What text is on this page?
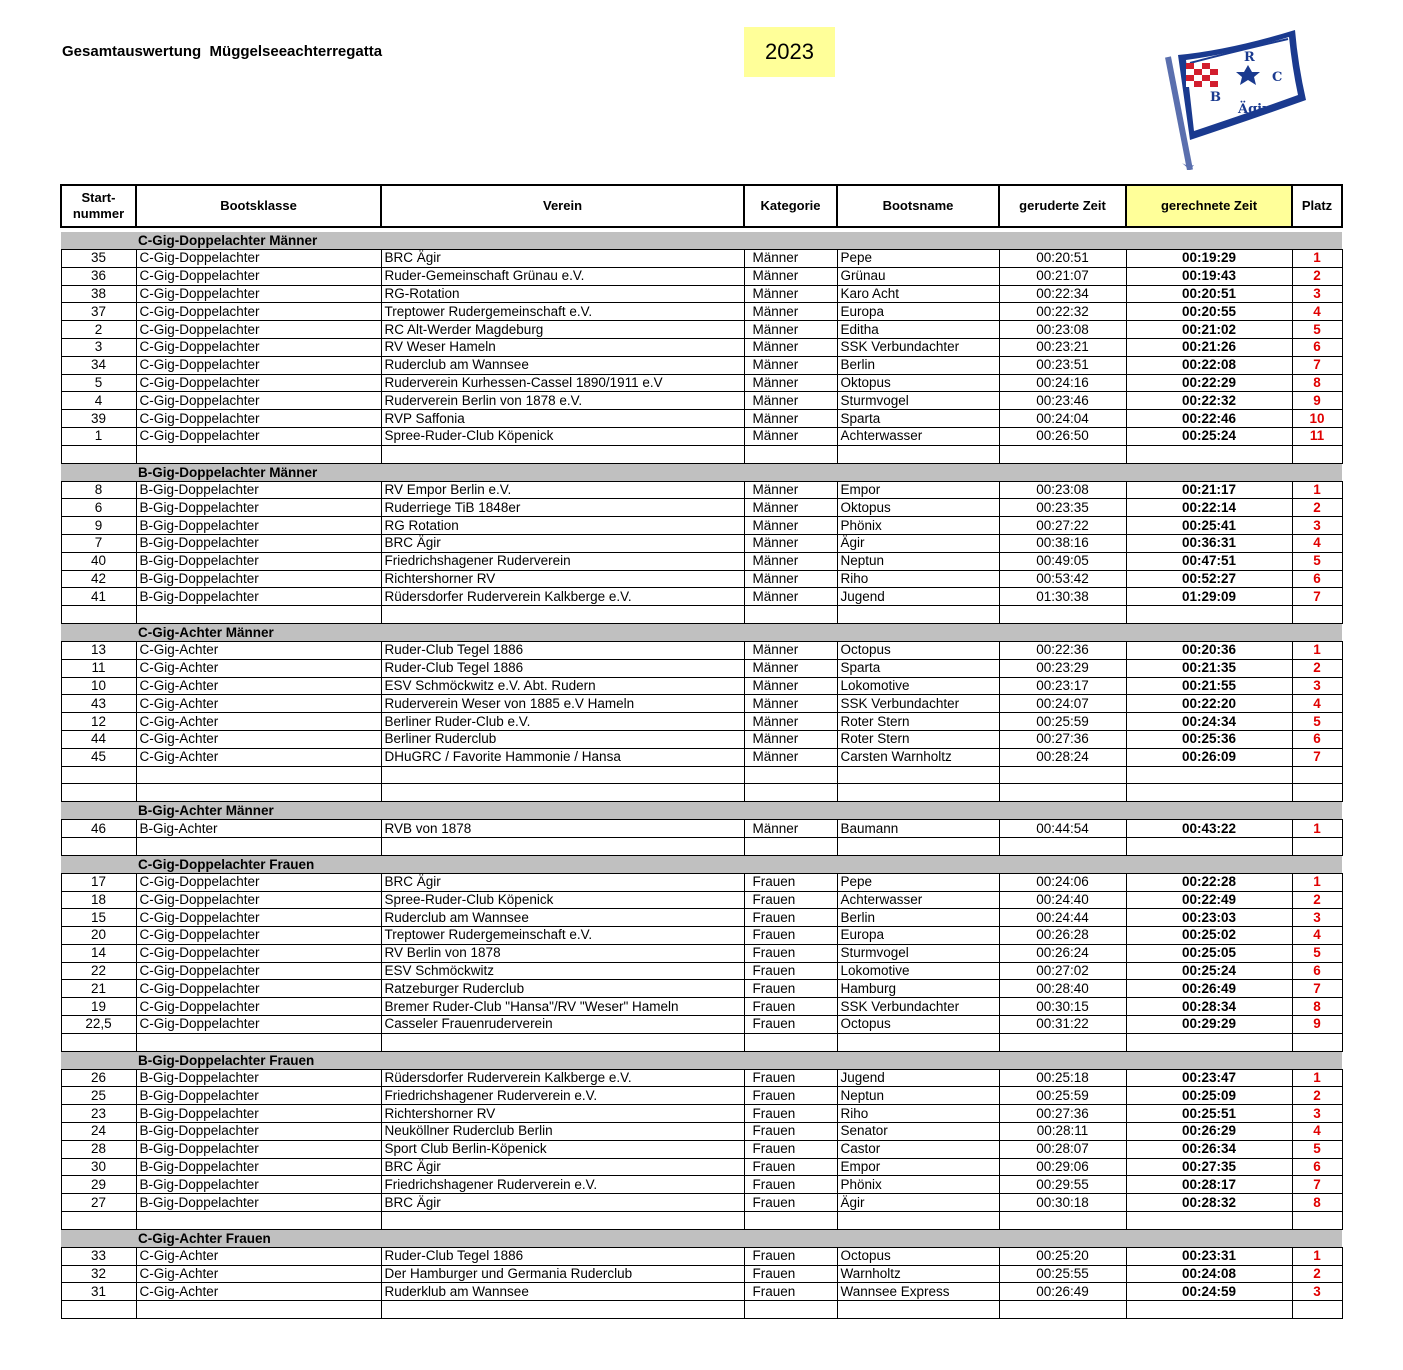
Gesamtauswertung  Müggelseeachterregatta	2023	R
C
B
Ägir
Start-
nummer	Bootsklasse	Verein	Kategorie	Bootsname	geruderte Zeit	gerechnete Zeit	Platz

	C-Gig-Doppelachter Männer						
35	C-Gig-Doppelachter	BRC Ägir	Männer	Pepe	00:20:51	00:19:29	1
36	C-Gig-Doppelachter	Ruder-Gemeinschaft Grünau e.V.	Männer	Grünau	00:21:07	00:19:43	2
38	C-Gig-Doppelachter	RG-Rotation	Männer	Karo Acht	00:22:34	00:20:51	3
37	C-Gig-Doppelachter	Treptower Rudergemeinschaft e.V.	Männer	Europa	00:22:32	00:20:55	4
2	C-Gig-Doppelachter	RC Alt-Werder Magdeburg	Männer	Editha	00:23:08	00:21:02	5
3	C-Gig-Doppelachter	RV Weser Hameln	Männer	SSK Verbundachter	00:23:21	00:21:26	6
34	C-Gig-Doppelachter	Ruderclub am Wannsee	Männer	Berlin	00:23:51	00:22:08	7
5	C-Gig-Doppelachter	Ruderverein Kurhessen-Cassel 1890/1911 e.V	Männer	Oktopus	00:24:16	00:22:29	8
4	C-Gig-Doppelachter	Ruderverein Berlin von 1878 e.V.	Männer	Sturmvogel	00:23:46	00:22:32	9
39	C-Gig-Doppelachter	RVP Saffonia	Männer	Sparta	00:24:04	00:22:46	10
1	C-Gig-Doppelachter	Spree-Ruder-Club Köpenick	Männer	Achterwasser	00:26:50	00:25:24	11

	B-Gig-Doppelachter Männer						
8	B-Gig-Doppelachter	RV Empor Berlin e.V.	Männer	Empor	00:23:08	00:21:17	1
6	B-Gig-Doppelachter	Ruderriege TiB 1848er	Männer	Oktopus	00:23:35	00:22:14	2
9	B-Gig-Doppelachter	RG Rotation	Männer	Phönix	00:27:22	00:25:41	3
7	B-Gig-Doppelachter	BRC Ägir	Männer	Ägir	00:38:16	00:36:31	4
40	B-Gig-Doppelachter	Friedrichshagener Ruderverein	Männer	Neptun	00:49:05	00:47:51	5
42	B-Gig-Doppelachter	Richtershorner RV	Männer	Riho	00:53:42	00:52:27	6
41	B-Gig-Doppelachter	Rüdersdorfer Ruderverein Kalkberge e.V.	Männer	Jugend	01:30:38	01:29:09	7

	C-Gig-Achter Männer						
13	C-Gig-Achter	Ruder-Club Tegel 1886	Männer	Octopus	00:22:36	00:20:36	1
11	C-Gig-Achter	Ruder-Club Tegel 1886	Männer	Sparta	00:23:29	00:21:35	2
10	C-Gig-Achter	ESV Schmöckwitz e.V. Abt. Rudern	Männer	Lokomotive	00:23:17	00:21:55	3
43	C-Gig-Achter	Ruderverein Weser von 1885 e.V Hameln	Männer	SSK Verbundachter	00:24:07	00:22:20	4
12	C-Gig-Achter	Berliner Ruder-Club e.V.	Männer	Roter Stern	00:25:59	00:24:34	5
44	C-Gig-Achter	Berliner Ruderclub	Männer	Roter Stern	00:27:36	00:25:36	6
45	C-Gig-Achter	DHuGRC / Favorite Hammonie / Hansa	Männer	Carsten Warnholtz	00:28:24	00:26:09	7

	B-Gig-Achter Männer						
46	B-Gig-Achter	RVB von 1878	Männer	Baumann	00:44:54	00:43:22	1

	C-Gig-Doppelachter Frauen						
17	C-Gig-Doppelachter	BRC Ägir	Frauen	Pepe	00:24:06	00:22:28	1
18	C-Gig-Doppelachter	Spree-Ruder-Club Köpenick	Frauen	Achterwasser	00:24:40	00:22:49	2
15	C-Gig-Doppelachter	Ruderclub am Wannsee	Frauen	Berlin	00:24:44	00:23:03	3
20	C-Gig-Doppelachter	Treptower Rudergemeinschaft e.V.	Frauen	Europa	00:26:28	00:25:02	4
14	C-Gig-Doppelachter	RV Berlin von 1878	Frauen	Sturmvogel	00:26:24	00:25:05	5
22	C-Gig-Doppelachter	ESV Schmöckwitz	Frauen	Lokomotive	00:27:02	00:25:24	6
21	C-Gig-Doppelachter	Ratzeburger Ruderclub	Frauen	Hamburg	00:28:40	00:26:49	7
19	C-Gig-Doppelachter	Bremer Ruder-Club "Hansa"/RV "Weser" Hameln	Frauen	SSK Verbundachter	00:30:15	00:28:34	8
22,5	C-Gig-Doppelachter	Casseler Frauenruderverein	Frauen	Octopus	00:31:22	00:29:29	9

	B-Gig-Doppelachter Frauen						
26	B-Gig-Doppelachter	Rüdersdorfer Ruderverein Kalkberge e.V.	Frauen	Jugend	00:25:18	00:23:47	1
25	B-Gig-Doppelachter	Friedrichshagener Ruderverein e.V.	Frauen	Neptun	00:25:59	00:25:09	2
23	B-Gig-Doppelachter	Richtershorner RV	Frauen	Riho	00:27:36	00:25:51	3
24	B-Gig-Doppelachter	Neuköllner Ruderclub Berlin	Frauen	Senator	00:28:11	00:26:29	4
28	B-Gig-Doppelachter	Sport Club Berlin-Köpenick	Frauen	Castor	00:28:07	00:26:34	5
30	B-Gig-Doppelachter	BRC Ägir	Frauen	Empor	00:29:06	00:27:35	6
29	B-Gig-Doppelachter	Friedrichshagener Ruderverein e.V.	Frauen	Phönix	00:29:55	00:28:17	7
27	B-Gig-Doppelachter	BRC Ägir	Frauen	Ägir	00:30:18	00:28:32	8

	C-Gig-Achter Frauen						
33	C-Gig-Achter	Ruder-Club Tegel 1886	Frauen	Octopus	00:25:20	00:23:31	1
32	C-Gig-Achter	Der Hamburger und Germania Ruderclub	Frauen	Warnholtz	00:25:55	00:24:08	2
31	C-Gig-Achter	Ruderklub am Wannsee	Frauen	Wannsee Express	00:26:49	00:24:59	3
